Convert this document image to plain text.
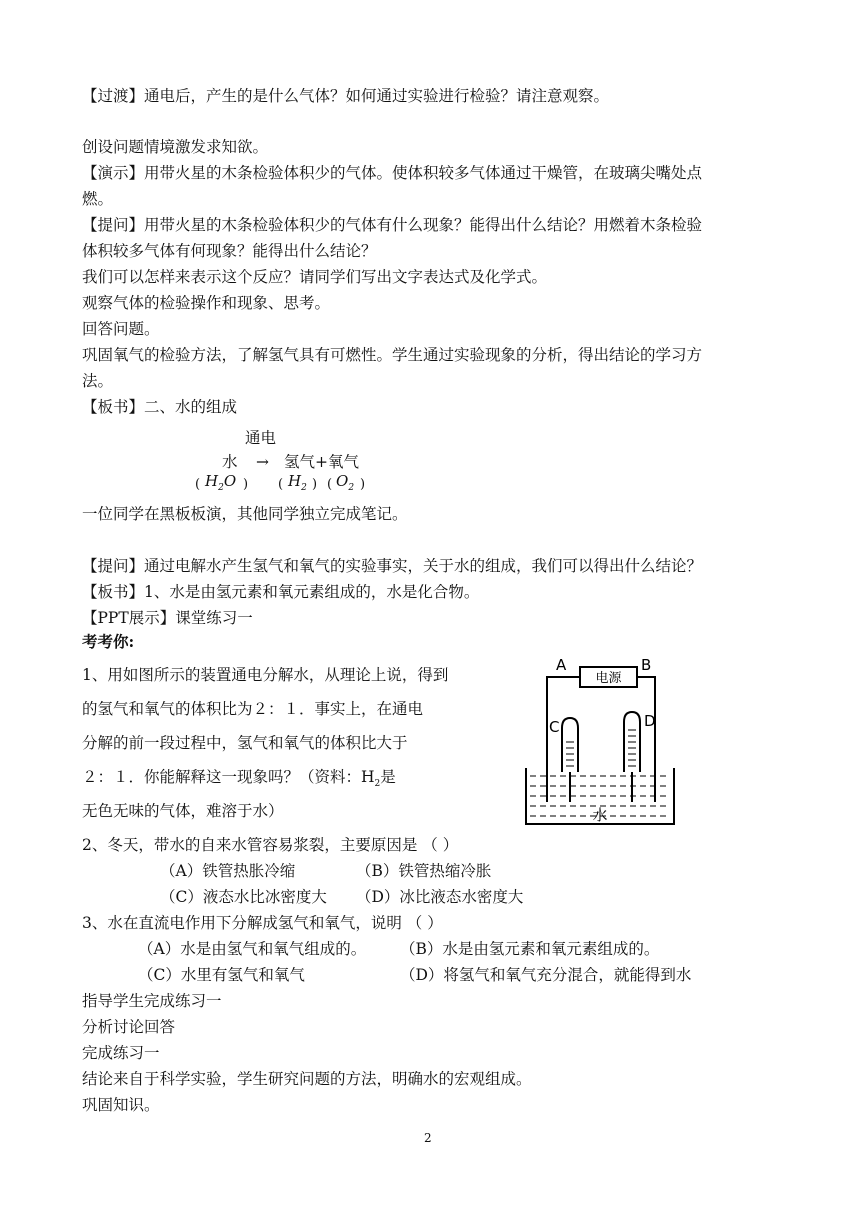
【过渡】通电后，产生的是什么气体？如何通过实验进行检验？请注意观察。
创设问题情境激发求知欲。
【演示】用带火星的木条检验体积少的气体。使体积较多气体通过干燥管，在玻璃尖嘴处点
燃。
【提问】用带火星的木条检验体积少的气体有什么现象？能得出什么结论？用燃着木条检验
体积较多气体有何现象？能得出什么结论？
我们可以怎样来表示这个反应？请同学们写出文字表达式及化学式。
观察气体的检验操作和现象、思考。
回答问题。
巩固氧气的检验方法，了解氢气具有可燃性。学生通过实验现象的分析，得出结论的学习方
法。
【板书】二、水的组成
通电
水 → 氢气+氧气
( $H_2O$ ) ( $H_2$ ) ( $O_2$ )
一位同学在黑板板演，其他同学独立完成笔记。
【提问】通过电解水产生氢气和氧气的实验事实，关于水的组成，我们可以得出什么结论？
【板书】1、水是由氢元素和氧元素组成的，水是化合物。
【PPT展示】课堂练习一
考考你:
1、用如图所示的装置通电分解水，从理论上说，得到
的氢气和氧气的体积比为２：１．事实上，在通电
分解的前一段过程中，氢气和氧气的体积比大于
２：１．你能解释这一现象吗？（资料：$H_2$是
无色无味的气体，难溶于水）
电源
A	B
C	D
水
2、冬天，带水的自来水管容易浆裂，主要原因是 （ ）
（A）铁管热胀冷缩	（B）铁管热缩冷胀
（C）液态水比冰密度大 （D）冰比液态水密度大
3、水在直流电作用下分解成氢气和氧气，说明 （ ）
（A）水是由氢气和氧气组成的。 （B）水是由氢元素和氧元素组成的。
（C）水里有氢气和氧气	（D）将氢气和氧气充分混合，就能得到水
指导学生完成练习一
分析讨论回答
完成练习一
结论来自于科学实验，学生研究问题的方法，明确水的宏观组成。
巩固知识。
2
